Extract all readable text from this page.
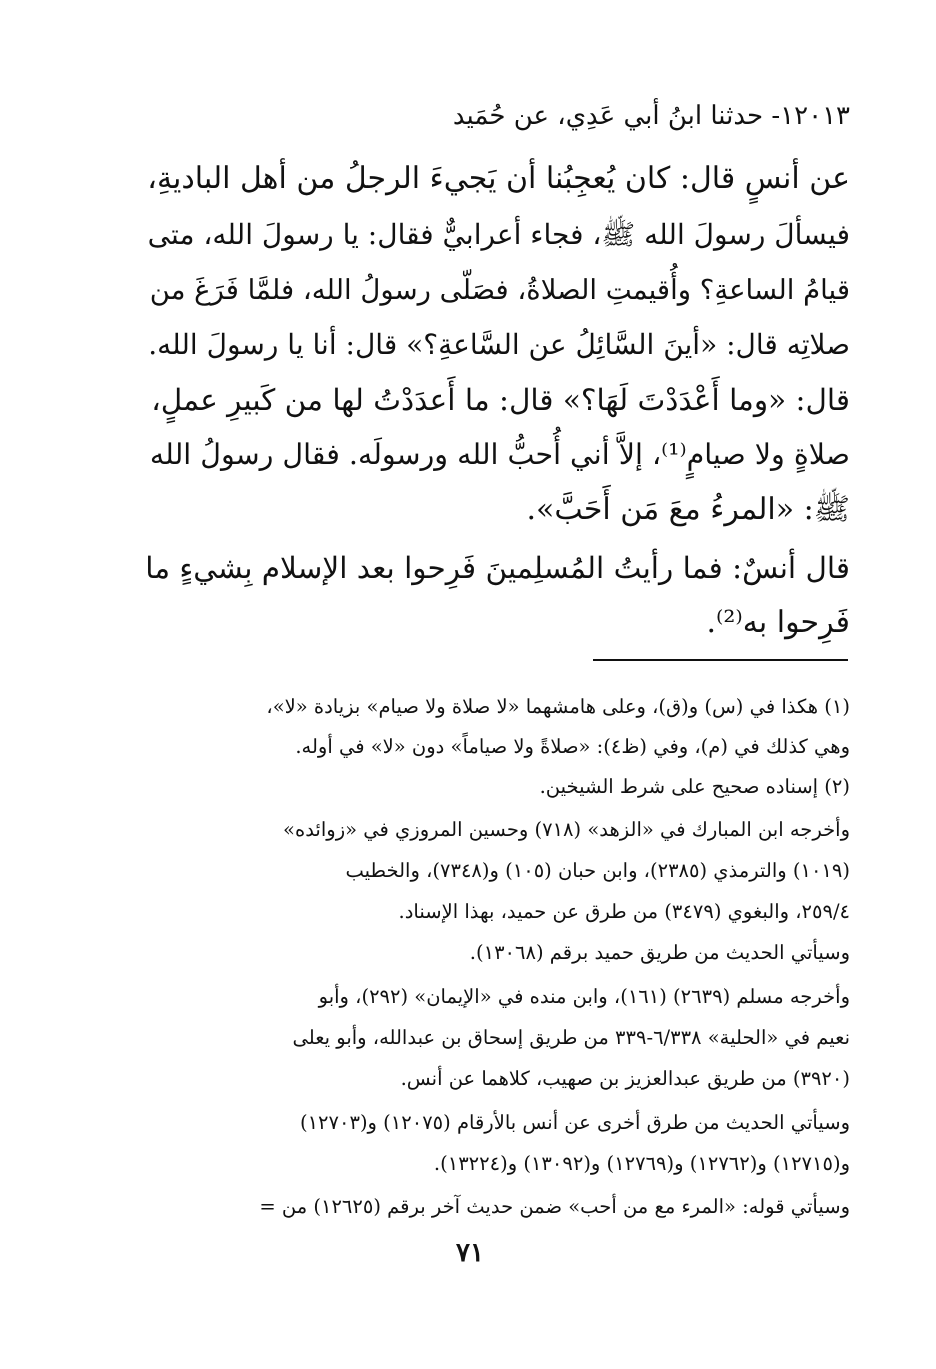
١٢٠١٣- حدثنا ابنُ أبي عَدِي، عن حُمَيد
عن أنسٍ قال: كان يُعجِبُنا أن يَجيءَ الرجلُ من أهل الباديةِ،
فيسألَ رسولَ الله ﷺ، فجاء أعرابيٌّ فقال: يا رسولَ الله، متى
قيامُ الساعةِ؟ وأُقيمتِ الصلاةُ، فصَلّى رسولُ الله، فلمَّا فَرَغَ من
صلاتِه قال: «أينَ السَّائِلُ عن السَّاعةِ؟» قال: أنا يا رسولَ الله.
قال: «وما أَعْدَدْتَ لَهَا؟» قال: ما أَعدَدْتُ لها من كَبيرِ عملٍ،
صلاةٍ ولا صيامٍ⁽¹⁾، إلاَّ أني أُحبُّ الله ورسولَه. فقال رسولُ الله
ﷺ: «المرءُ معَ مَن أَحَبَّ».
قال أنسٌ: فما رأيتُ المُسلِمينَ فَرِحوا بعد الإسلام بِشيءٍ ما
فَرِحوا به⁽²⁾.
(١) هكذا في (س) و(ق)، وعلى هامشهما «لا صلاة ولا صيام» بزيادة «لا»،
وهي كذلك في (م)، وفي (ظ٤): «صلاةً ولا صياماً» دون «لا» في أوله.
(٢) إسناده صحيح على شرط الشيخين.
وأخرجه ابن المبارك في «الزهد» (٧١٨) وحسين المروزي في «زوائده»
(١٠١٩) والترمذي (٢٣٨٥)، وابن حبان (١٠٥) و(٧٣٤٨)، والخطيب
٢٥٩/٤، والبغوي (٣٤٧٩) من طرق عن حميد، بهذا الإسناد.
وسيأتي الحديث من طريق حميد برقم (١٣٠٦٨).
وأخرجه مسلم (٢٦٣٩) (١٦١)، وابن منده في «الإيمان» (٢٩٢)، وأبو
نعيم في «الحلية» ٦/٣٣٨-٣٣٩ من طريق إسحاق بن عبدالله، وأبو يعلى
(٣٩٢٠) من طريق عبدالعزيز بن صهيب، كلاهما عن أنس.
وسيأتي الحديث من طرق أخرى عن أنس بالأرقام (١٢٠٧٥) و(١٢٧٠٣)
و(١٢٧١٥) و(١٢٧٦٢) و(١٢٧٦٩) و(١٣٠٩٢) و(١٣٢٢٤).
وسيأتي قوله: «المرء مع من أحب» ضمن حديث آخر برقم (١٢٦٢٥) من =
٧١
